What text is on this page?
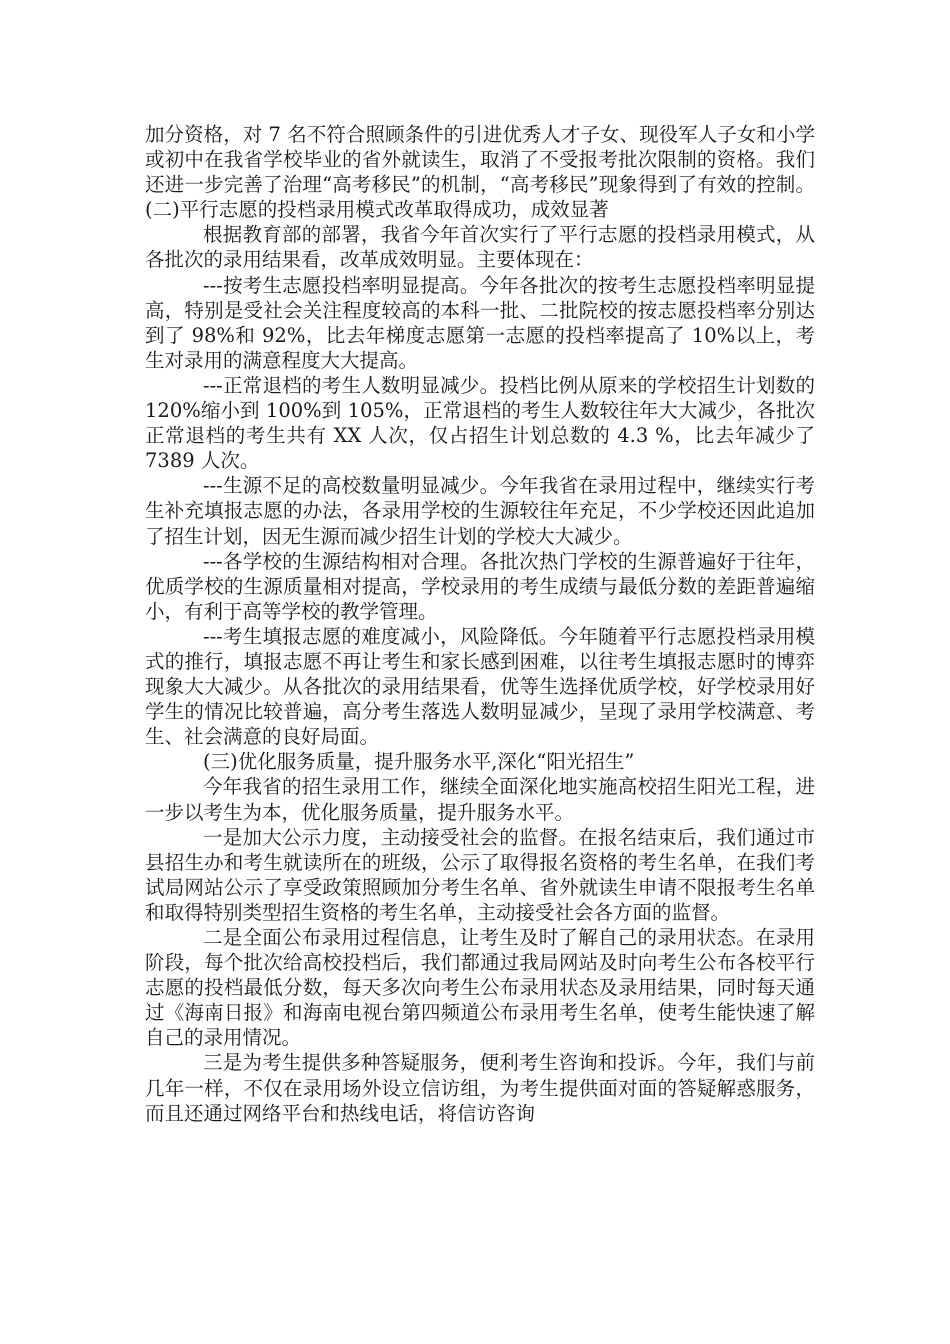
加分资格，对 7 名不符合照顾条件的引进优秀人才子女、现役军人子女和小学或初中在我省学校毕业的省外就读生，取消了不受报考批次限制的资格。我们还进一步完善了治理“高考移民”的机制，“高考移民”现象得到了有效的控制。(二)平行志愿的投档录用模式改革取得成功，成效显著

根据教育部的部署，我省今年首次实行了平行志愿的投档录用模式，从各批次的录用结果看，改革成效明显。主要体现在：

---按考生志愿投档率明显提高。今年各批次的按考生志愿投档率明显提高，特别是受社会关注程度较高的本科一批、二批院校的按志愿投档率分别达到了 98%和 92%，比去年梯度志愿第一志愿的投档率提高了 10%以上，考生对录用的满意程度大大提高。

---正常退档的考生人数明显减少。投档比例从原来的学校招生计划数的 120%缩小到 100%到 105%，正常退档的考生人数较往年大大减少，各批次正常退档的考生共有 XX 人次，仅占招生计划总数的 4.3 %，比去年减少了 7389 人次。

---生源不足的高校数量明显减少。今年我省在录用过程中，继续实行考生补充填报志愿的办法，各录用学校的生源较往年充足，不少学校还因此追加了招生计划，因无生源而减少招生计划的学校大大减少。

---各学校的生源结构相对合理。各批次热门学校的生源普遍好于往年，优质学校的生源质量相对提高，学校录用的考生成绩与最低分数的差距普遍缩小，有利于高等学校的教学管理。

---考生填报志愿的难度减小，风险降低。今年随着平行志愿投档录用模式的推行，填报志愿不再让考生和家长感到困难，以往考生填报志愿时的博弈现象大大减少。从各批次的录用结果看，优等生选择优质学校，好学校录用好学生的情况比较普遍，高分考生落选人数明显减少，呈现了录用学校满意、考生、社会满意的良好局面。

(三)优化服务质量，提升服务水平,深化“阳光招生”

今年我省的招生录用工作，继续全面深化地实施高校招生阳光工程，进一步以考生为本，优化服务质量，提升服务水平。

一是加大公示力度，主动接受社会的监督。在报名结束后，我们通过市县招生办和考生就读所在的班级，公示了取得报名资格的考生名单，在我们考试局网站公示了享受政策照顾加分考生名单、省外就读生申请不限报考生名单和取得特别类型招生资格的考生名单，主动接受社会各方面的监督。

二是全面公布录用过程信息，让考生及时了解自己的录用状态。在录用阶段，每个批次给高校投档后，我们都通过我局网站及时向考生公布各校平行志愿的投档最低分数，每天多次向考生公布录用状态及录用结果，同时每天通过《海南日报》和海南电视台第四频道公布录用考生名单，使考生能快速了解自己的录用情况。

三是为考生提供多种答疑服务，便利考生咨询和投诉。今年，我们与前几年一样，不仅在录用场外设立信访组，为考生提供面对面的答疑解惑服务，而且还通过网络平台和热线电话，将信访咨询
